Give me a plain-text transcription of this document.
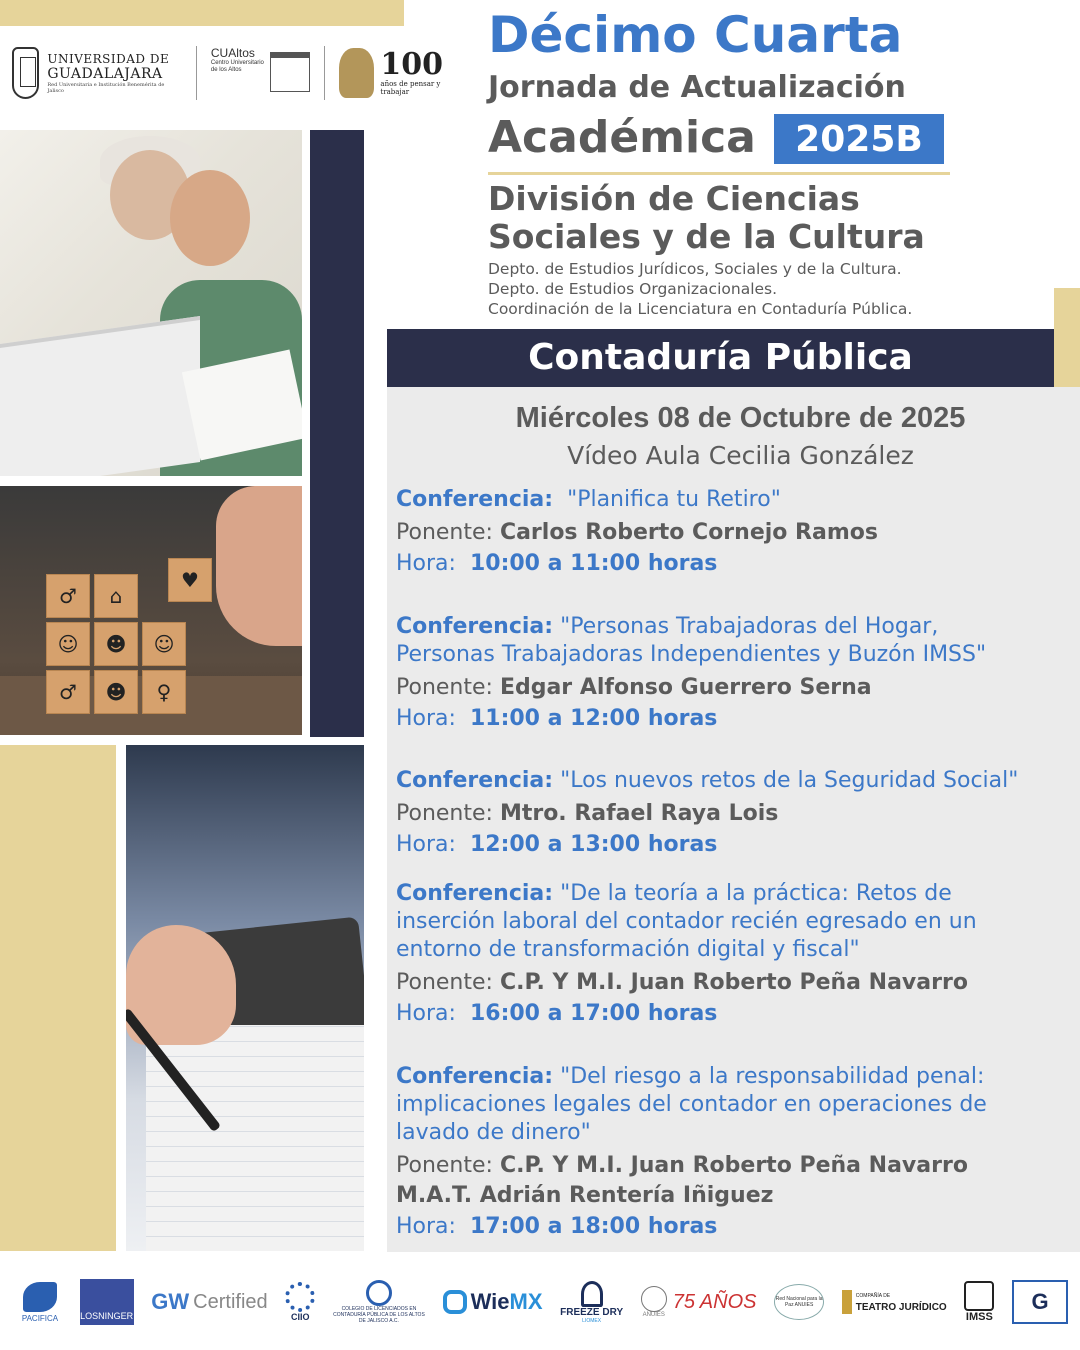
UNIVERSIDAD DE
GUADALAJARA
Red Universitaria e Institución Benemérita de Jalisco
CUAltos
Centro Universitario de los Altos	100
años de pensar y trabajar
Décimo Cuarta
Jornada de Actualización
Académica	2025B
División de Ciencias
Sociales y de la Cultura
Depto. de Estudios Jurídicos, Sociales y de la Cultura.
Depto. de Estudios Organizacionales.
Coordinación de la Licenciatura en Contaduría Pública.
Contaduría Pública
Miércoles 08 de Octubre de 2025
Vídeo Aula Cecilia González
Conferencia: "Planifica tu Retiro"
Ponente: Carlos Roberto Cornejo Ramos
Hora: 10:00 a 11:00 horas
Conferencia: "Personas Trabajadoras del Hogar,
Personas Trabajadoras Independientes y Buzón IMSS"
Ponente: Edgar Alfonso Guerrero Serna
Hora: 11:00 a 12:00 horas
Conferencia: "Los nuevos retos de la Seguridad Social"
Ponente: Mtro. Rafael Raya Lois
Hora: 12:00 a 13:00 horas
Conferencia: "De la teoría a la práctica: Retos de
inserción laboral del contador recién egresado en un
entorno de transformación digital y fiscal"
Ponente: C.P. Y M.I. Juan Roberto Peña Navarro
Hora: 16:00 a 17:00 horas
Conferencia: "Del riesgo a la responsabilidad penal:
implicaciones legales del contador en operaciones de
lavado de dinero"
Ponente: C.P. Y M.I. Juan Roberto Peña Navarro
M.A.T. Adrián Rentería Iñiguez
Hora: 17:00 a 18:00 horas
♥
♂	⌂
☺	☻	☺
♂	☻	♀
PACIFICA LOSNINGER
GW Certified
CIIO
COLEGIO DE LICENCIADOS EN CONTADURÍA PÚBLICA DE LOS ALTOS DE JALISCO A.C.
Wie MX FREEZE DRY
LIOMEX
ANUIES
75 AÑOS	Red Nacional para la Paz ANUIES
COMPAÑÍA DE
TEATRO JURÍDICO
IMSS
G
